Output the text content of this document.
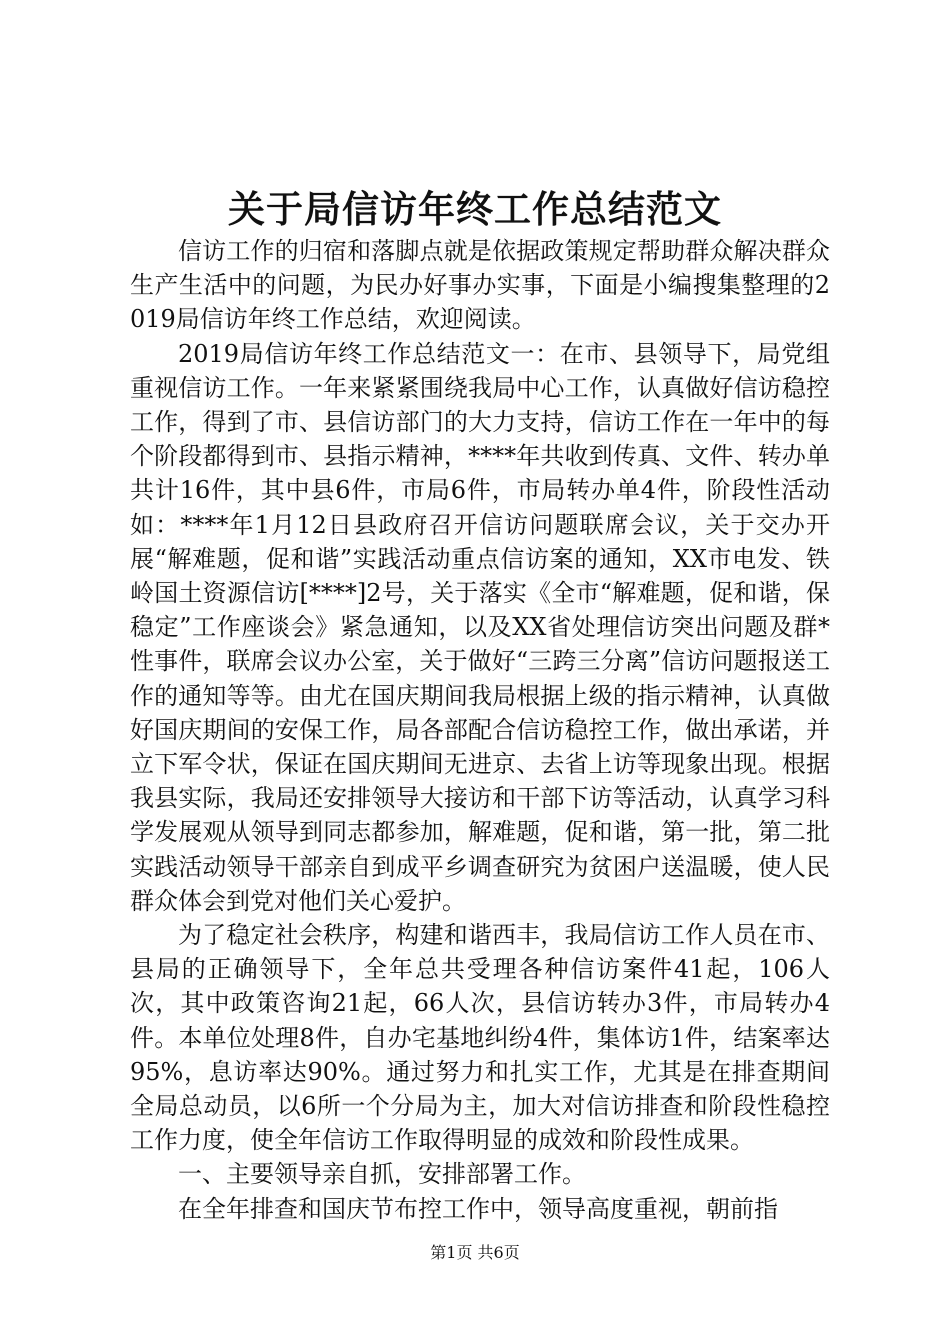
关于局信访年终工作总结范文

信访工作的归宿和落脚点就是依据政策规定帮助群众解决群众生产生活中的问题，为民办好事办实事，下面是小编搜集整理的2019局信访年终工作总结，欢迎阅读。

2019局信访年终工作总结范文一：在市、县领导下，局党组重视信访工作。一年来紧紧围绕我局中心工作，认真做好信访稳控工作，得到了市、县信访部门的大力支持，信访工作在一年中的每个阶段都得到市、县指示精神，****年共收到传真、文件、转办单共计16件，其中县6件，市局6件，市局转办单4件，阶段性活动如：****年1月12日县政府召开信访问题联席会议，关于交办开展“解难题，促和谐”实践活动重点信访案的通知，XX市电发、铁岭国土资源信访[****]2号，关于落实《全市“解难题，促和谐，保稳定”工作座谈会》紧急通知，以及XX省处理信访突出问题及群*性事件，联席会议办公室，关于做好“三跨三分离”信访问题报送工作的通知等等。由尤在国庆期间我局根据上级的指示精神，认真做好国庆期间的安保工作，局各部配合信访稳控工作，做出承诺，并立下军令状，保证在国庆期间无进京、去省上访等现象出现。根据我县实际，我局还安排领导大接访和干部下访等活动，认真学习科学发展观从领导到同志都参加，解难题，促和谐，第一批，第二批实践活动领导干部亲自到成平乡调查研究为贫困户送温暖，使人民群众体会到党对他们关心爱护。

为了稳定社会秩序，构建和谐西丰，我局信访工作人员在市、县局的正确领导下，全年总共受理各种信访案件41起，106人次，其中政策咨询21起，66人次，县信访转办3件，市局转办4件。本单位处理8件，自办宅基地纠纷4件，集体访1件，结案率达95%，息访率达90%。通过努力和扎实工作，尤其是在排查期间全局总动员，以6所一个分局为主，加大对信访排查和阶段性稳控工作力度，使全年信访工作取得明显的成效和阶段性成果。

一、主要领导亲自抓，安排部署工作。

在全年排查和国庆节布控工作中，领导高度重视，朝前指

第1页 共6页
